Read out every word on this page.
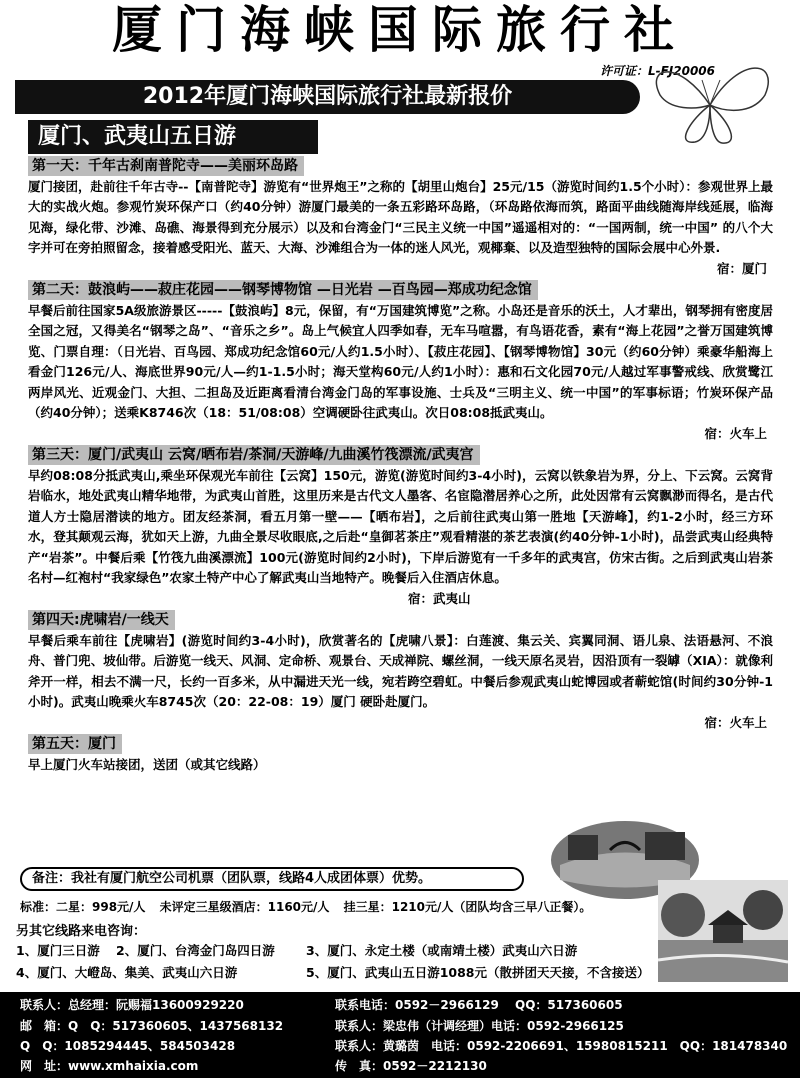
厦门海峡国际旅行社
许可证：L-FJ20006
2012年厦门海峡国际旅行社最新报价
厦门、武夷山五日游
第一天：千年古刹南普陀寺——美丽环岛路

厦门接团，赴前往千年古寺--【南普陀寺】游览有“世界炮王”之称的【胡里山炮台】25元/15（游览时间约1.5个小时）：参观世界上最大的实战火炮。参观竹炭环保产口（约40分钟）游厦门最美的一条五彩路环岛路，（环岛路依海而筑，路面平曲线随海岸线延展，临海见海，绿化带、沙滩、岛礁、海景得到充分展示）以及和台湾金门“三民主义统一中国”遥遥相对的：“一国两制，统一中国” 的八个大字并可在旁拍照留念，接着感受阳光、蓝天、大海、沙滩组合为一体的迷人风光，观椰棄、以及造型独特的国际会展中心外景.

宿：厦门
第二天：鼓浪屿——菽庄花园——钢琴博物馆 —日光岩 —百鸟园—郑成功纪念馆

早餐后前往国家5A级旅游景区-----【鼓浪屿】8元，保留，有“万国建筑博览”之称。小岛还是音乐的沃土，人才辈出，钢琴拥有密度居全国之冠，又得美名“钢琴之岛”、“音乐之乡”。岛上气候宜人四季如春，无车马喧嚣，有鸟语花香，素有“海上花园”之誉万国建筑博览、门票自理：（日光岩、百鸟园、郑成功纪念馆60元/人约1.5小时）、【菽庄花园】、【钢琴博物馆】30元（约60分钟）乘豪华船海上看金门126元/人、海底世界90元/人—约1-1.5小时；海天堂构60元/人约1小时）：惠和石文化园70元/人越过军事警戒线、欣赏鹭江两岸风光、近观金门、大担、二担岛及近距离看清台湾金门岛的军事设施、士兵及“三明主义、统一中国”的军事标语；竹炭环保产品（约40分钟）；送乘K8746次（18：51/08:08）空调硬卧往武夷山。次日08:08抵武夷山。

宿：火车上
第三天：厦门/武夷山 云窝/晒布岩/茶洞/天游峰/九曲溪竹筏漂流/武夷宫

早约08:08分抵武夷山,乘坐环保观光车前往【云窝】150元，游览(游览时间约3-4小时)，云窝以铁象岩为界，分上、下云窝。云窝背岩临水，地处武夷山精华地带，为武夷山首胜，这里历来是古代文人墨客、名宦隐潜居养心之所，此处因常有云窝飘渺而得名，是古代道人方士隐居潜读的地方。团友经茶洞，看五月第一壁——【晒布岩】，之后前往武夷山第一胜地【天游峰】，约1-2小时，经三方环水，登其颠观云海，犹如天上游，九曲全景尽收眼底,之后赴“皇御茗茶庄”观看精湛的茶艺表演(约40分钟-1小时)，品尝武夷山经典特产“岩茶”。中餐后乘【竹筏九曲溪漂流】100元(游览时间约2小时)，下岸后游览有一千多年的武夷宫，仿宋古街。之后到武夷山岩茶名村—红袍村“我家绿色”农家土特产中心了解武夷山当地特产。晚餐后入住酒店休息。

宿：武夷山
第四天:虎啸岩/一线天

早餐后乘车前往【虎啸岩】(游览时间约3-4小时)，欣赏著名的【虎啸八景】：白莲渡、集云关、宾翼同洞、语儿泉、法语悬河、不浪舟、普门兜、坡仙带。后游览一线天、风洞、定命桥、观景台、天成禅院、螺丝洞，一线天原名灵岩，因沿顶有一裂罅（XIA）：就像利斧开一样，相去不满一尺，长约一百多米，从中漏进天光一线，宛若跨空碧虹。中餐后参观武夷山蛇博园或者蕲蛇馆(时间约30分钟-1小时)。武夷山晚乘火车8745次（20：22-08：19）厦门 硬卧赴厦门。

宿：火车上
第五天：厦门

早上厦门火车站接团，送团（或其它线路）

备注：我社有厦门航空公司机票（团队票，线路4人成团体票）优势。
标准：二星：998元/人 未评定三星级酒店：1160元/人 挂三星：1210元/人（团队均含三早八正餐）。
另其它线路来电咨询：
1、厦门三日游 2、厦门、台湾金门岛四日游	3、厦门、永定土楼（或南靖土楼）武夷山六日游
4、厦门、大嶝岛、集美、武夷山六日游	5、厦门、武夷山五日游1088元（散拼团天天接，不含接送）
联系人：总经理：阮赐福13600929220
邮　箱：Q　Q：517360605、1437568132
Q　Q：1085294445、584503428
网　址：www.xmhaixia.com
联系电话：0592－2966129　 QQ：517360605
联系人：梁忠伟（计调经理）电话：0592-2966125
联系人：黄璐茵　电话：0592-2206691、15980815211　QQ：181478340
传　真：0592－2212130
